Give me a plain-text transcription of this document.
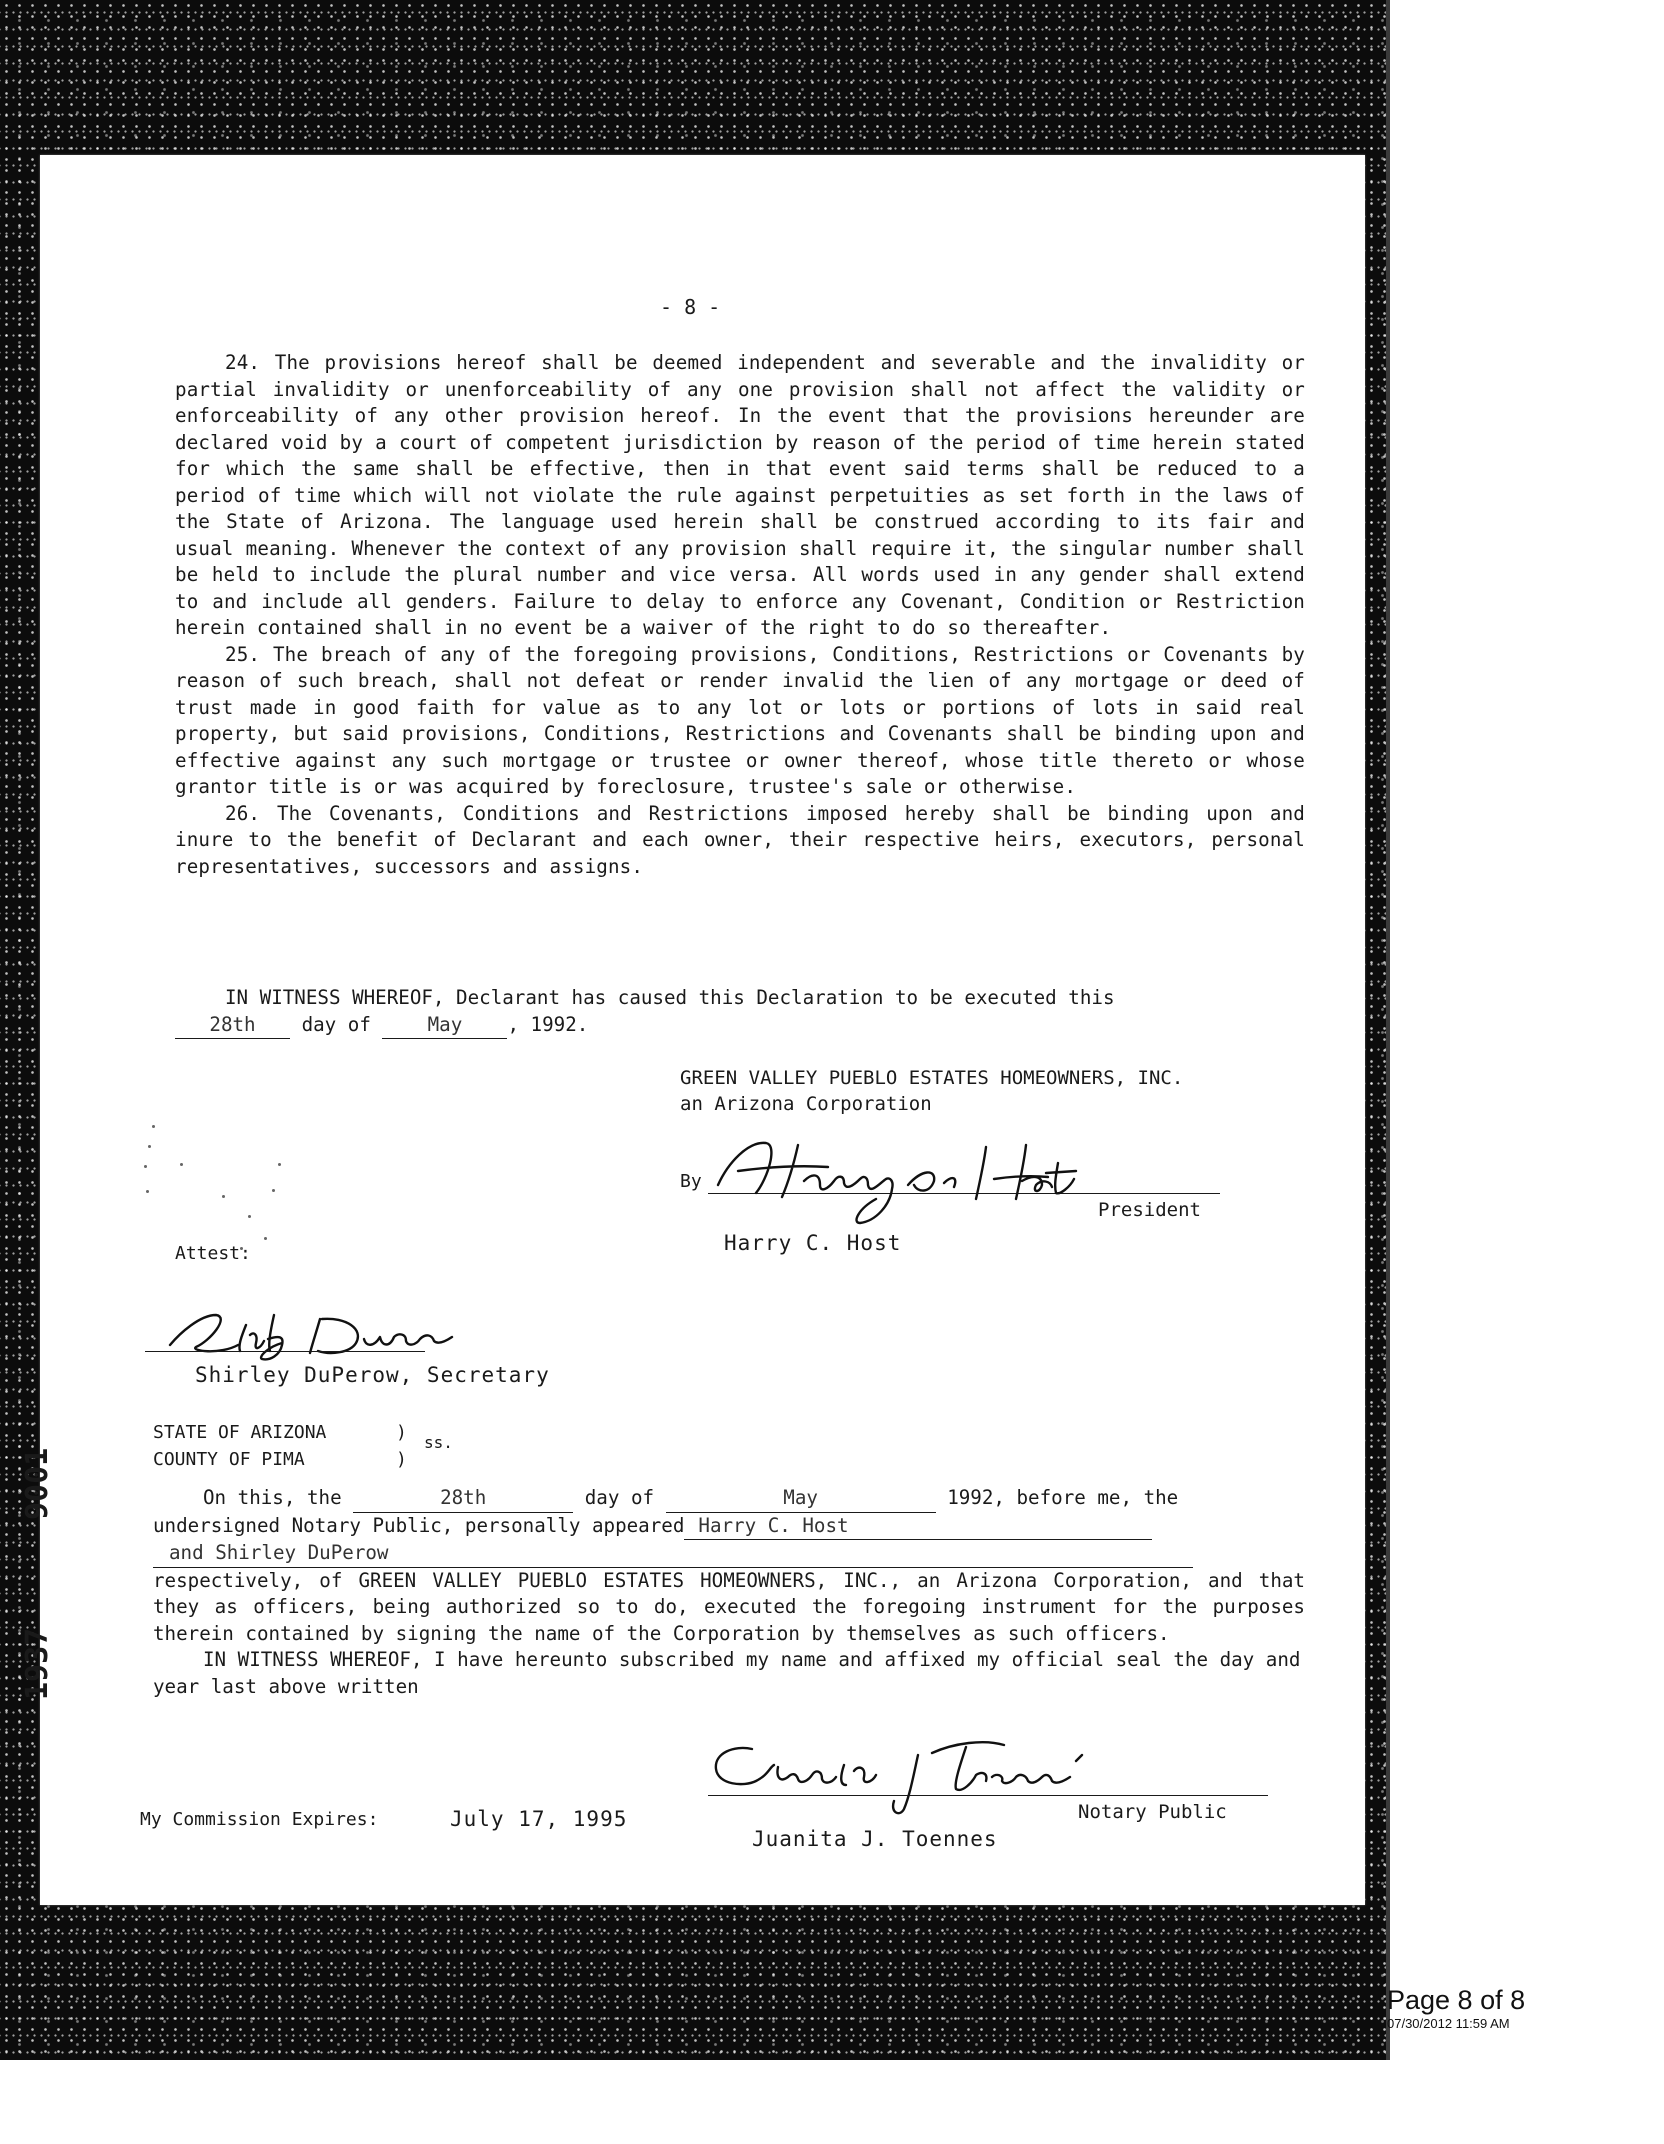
- 8 -

24. The provisions hereof shall be deemed independent and severable and the invalidity or partial invalidity or unenforceability of any one provision shall not affect the validity or enforceability of any other provision hereof. In the event that the provisions hereunder are declared void by a court of competent jurisdiction by reason of the period of time herein stated for which the same shall be effective, then in that event said terms shall be reduced to a period of time which will not violate the rule against perpetuities as set forth in the laws of the State of Arizona. The language used herein shall be construed according to its fair and usual meaning. Whenever the context of any provision shall require it, the singular number shall be held to include the plural number and vice versa. All words used in any gender shall extend to and include all genders. Failure to delay to enforce any Covenant, Condition or Restriction herein contained shall in no event be a waiver of the right to do so thereafter.

25. The breach of any of the foregoing provisions, Conditions, Restrictions or Covenants by reason of such breach, shall not defeat or render invalid the lien of any mortgage or deed of trust made in good faith for value as to any lot or lots or portions of lots in said real property, but said provisions, Conditions, Restrictions and Covenants shall be binding upon and effective against any such mortgage or trustee or owner thereof, whose title thereto or whose grantor title is or was acquired by foreclosure, trustee's sale or otherwise.

26. The Covenants, Conditions and Restrictions imposed hereby shall be binding upon and inure to the benefit of Declarant and each owner, their respective heirs, executors, personal representatives, successors and assigns.

IN WITNESS WHEREOF, Declarant has caused this Declaration to be executed this
28th day of	May , 1992.
GREEN VALLEY PUEBLO ESTATES HOMEOWNERS, INC.
an Arizona Corporation
By
President
Harry C. Host
Attest:
Shirley DuPerow, Secretary
STATE OF ARIZONA
COUNTY OF PIMA
)
)
ss.
On this, the	28th	day of	May	1992, before me, the
undersigned Notary Public, personally appeared Harry C. Host
and Shirley DuPerow
respectively, of GREEN VALLEY PUEBLO ESTATES HOMEOWNERS, INC., an Arizona Corporation, and that they as officers, being authorized so to do, executed the foregoing instrument for the purposes therein contained by signing the name of the Corporation by themselves as such officers.
IN WITNESS WHEREOF, I have hereunto subscribed my name and affixed my official seal the day and year last above written
Notary Public
Juanita J. Toennes
My Commission Expires:	July 17, 1995
9001
1937
Page 8 of 8
07/30/2012 11:59 AM
